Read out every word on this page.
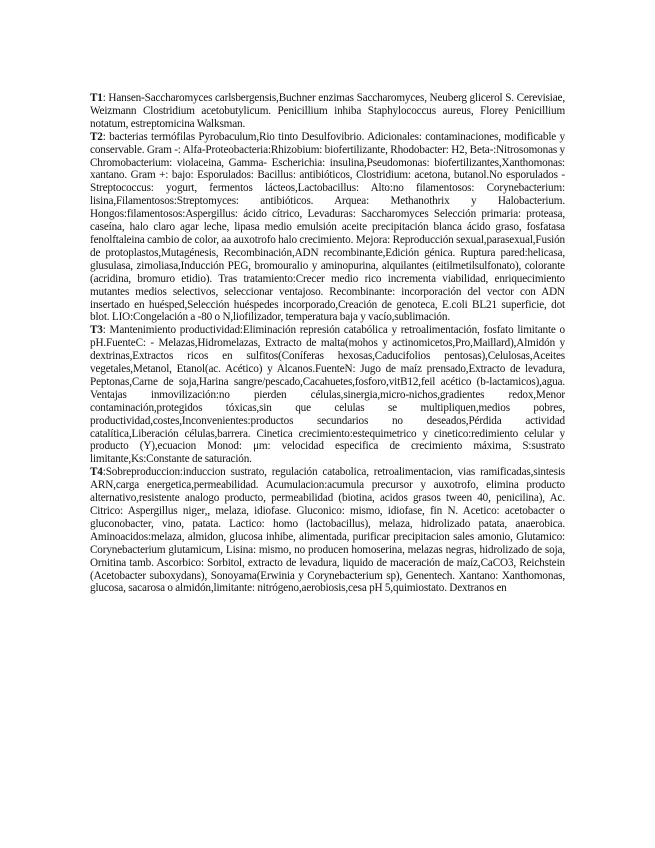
T1: Hansen-Saccharomyces carlsbergensis,Buchner enzimas Saccharomyces, Neuberg glicerol S. Cerevisiae, Weizmann Clostridium acetobutylicum. Penicillium inhiba Staphylococcus aureus, Florey Penicillium notatum, estreptomicina Walksman.

T2: bacterias termófilas Pyrobaculum,Rio tinto Desulfovibrio. Adicionales: contaminaciones, modificable y conservable. Gram -: Alfa-Proteobacteria:Rhizobium: biofertilizante, Rhodobacter: H2, Beta-:Nitrosomonas y Chromobacterium: violaceina, Gamma- Escherichia: insulina,Pseudomonas: biofertilizantes,Xanthomonas: xantano. Gram +: bajo: Esporulados: Bacillus: antibióticos, Clostridium: acetona, butanol.No esporulados - Streptococcus: yogurt, fermentos lácteos,Lactobacillus: Alto:no filamentosos: Corynebacterium: lisina,Filamentosos:Streptomyces: antibióticos. Arquea: Methanothrix y Halobacterium. Hongos:filamentosos:Aspergillus: ácido cítrico, Levaduras: Saccharomyces Selección primaria: proteasa, caseína, halo claro agar leche, lipasa medio emulsión aceite precipitación blanca ácido graso, fosfatasa fenolftaleina cambio de color, aa auxotrofo halo crecimiento. Mejora: Reproducción sexual,parasexual,Fusión de protoplastos,Mutagénesis, Recombinación,ADN recombinante,Edición génica. Ruptura pared:helicasa, glusulasa, zimoliasa,Inducción PEG, bromouralio y aminopurina, alquilantes (eitilmetilsulfonato), colorante (acridina, bromuro etidio). Tras tratamiento:Crecer medio rico incrementa viabilidad, enriquecimiento mutantes medios selectivos, seleccionar ventajoso. Recombinante: incorporación del vector con ADN insertado en huésped,Selección huéspedes incorporado,Creación de genoteca, E.coli BL21 superficie, dot blot. LIO:Congelación a -80 o N,liofilizador, temperatura baja y vacío,sublimación.

T3: Mantenimiento productividad:Eliminación represión catabólica y retroalimentación, fosfato limitante o pH.FuenteC: - Melazas,Hidromelazas, Extracto de malta(mohos y actinomicetos,Pro,Maillard),Almidón y dextrinas,Extractos ricos en sulfitos(Coníferas hexosas,Caducifolios pentosas),Celulosas,Aceites vegetales,Metanol, Etanol(ac. Acético) y Alcanos.FuenteN: Jugo de maíz prensado,Extracto de levadura, Peptonas,Carne de soja,Harina sangre/pescado,Cacahuetes,fosforo,vitB12,feil acético (b-lactamicos),agua. Ventajas inmovilización:no pierden células,sinergia,micro-nichos,gradientes redox,Menor contaminación,protegidos tóxicas,sin que celulas se multipliquen,medios pobres, productividad,costes,Inconvenientes:productos secundarios no deseados,Pérdida actividad catalítica,Liberación células,barrera. Cinetica crecimiento:estequimetrico y cinetico:redimiento celular y producto (Y),ecuacion Monod: μm: velocidad especifica de crecimiento máxima, S:sustrato limitante,Ks:Constante de saturación.

T4:Sobreproduccion:induccion sustrato, regulación catabolica, retroalimentacion, vias ramificadas,sintesis ARN,carga energetica,permeabilidad. Acumulacion:acumula precursor y auxotrofo, elimina producto alternativo,resistente analogo producto, permeabilidad (biotina, acidos grasos tween 40, penicilina), Ac. Citrico: Aspergillus niger,, melaza, idiofase. Gluconico: mismo, idiofase, fin N. Acetico: acetobacter o gluconobacter, vino, patata. Lactico: homo (lactobacillus), melaza, hidrolizado patata, anaerobica. Aminoacidos:melaza, almidon, glucosa inhibe, alimentada, purificar precipitacion sales amonio, Glutamico: Corynebacterium glutamicum, Lisina: mismo, no producen homoserina, melazas negras, hidrolizado de soja, Ornitina tamb. Ascorbico: Sorbitol, extracto de levadura, liquido de maceración de maíz,CaCO3, Reichstein (Acetobacter suboxydans), Sonoyama(Erwinia y Corynebacterium sp), Genentech. Xantano: Xanthomonas, glucosa, sacarosa o almidón,limitante: nitrógeno,aerobiosis,cesa pH 5,quimiostato. Dextranos en
